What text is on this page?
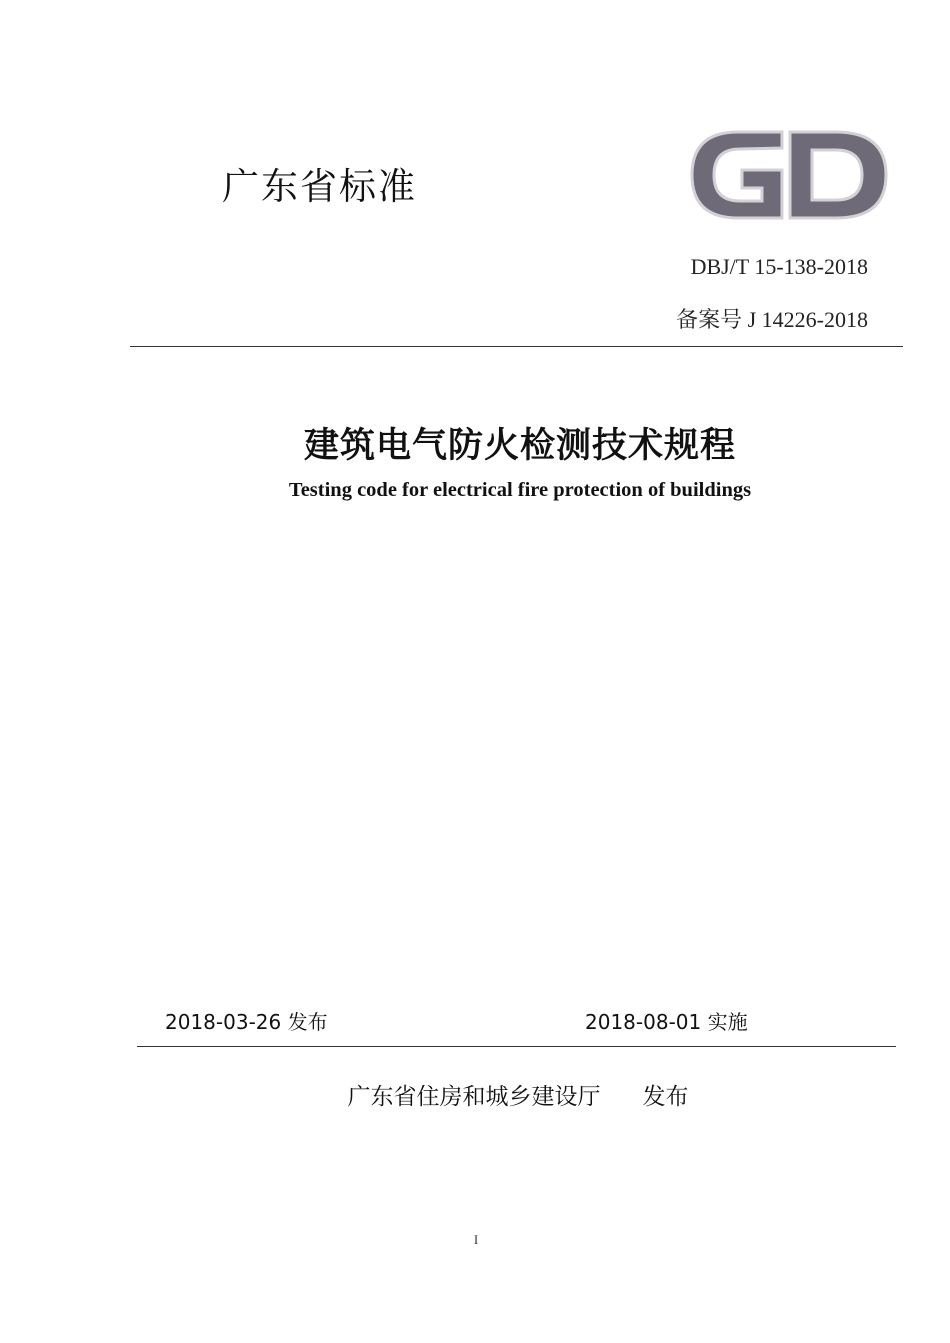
广东省标准
DBJ/T 15-138-2018
备案号 J 14226-2018
建筑电气防火检测技术规程
Testing code for electrical fire protection of buildings
2018-03-26 发布	2018-08-01 实施
广东省住房和城乡建设厅 发布
I
